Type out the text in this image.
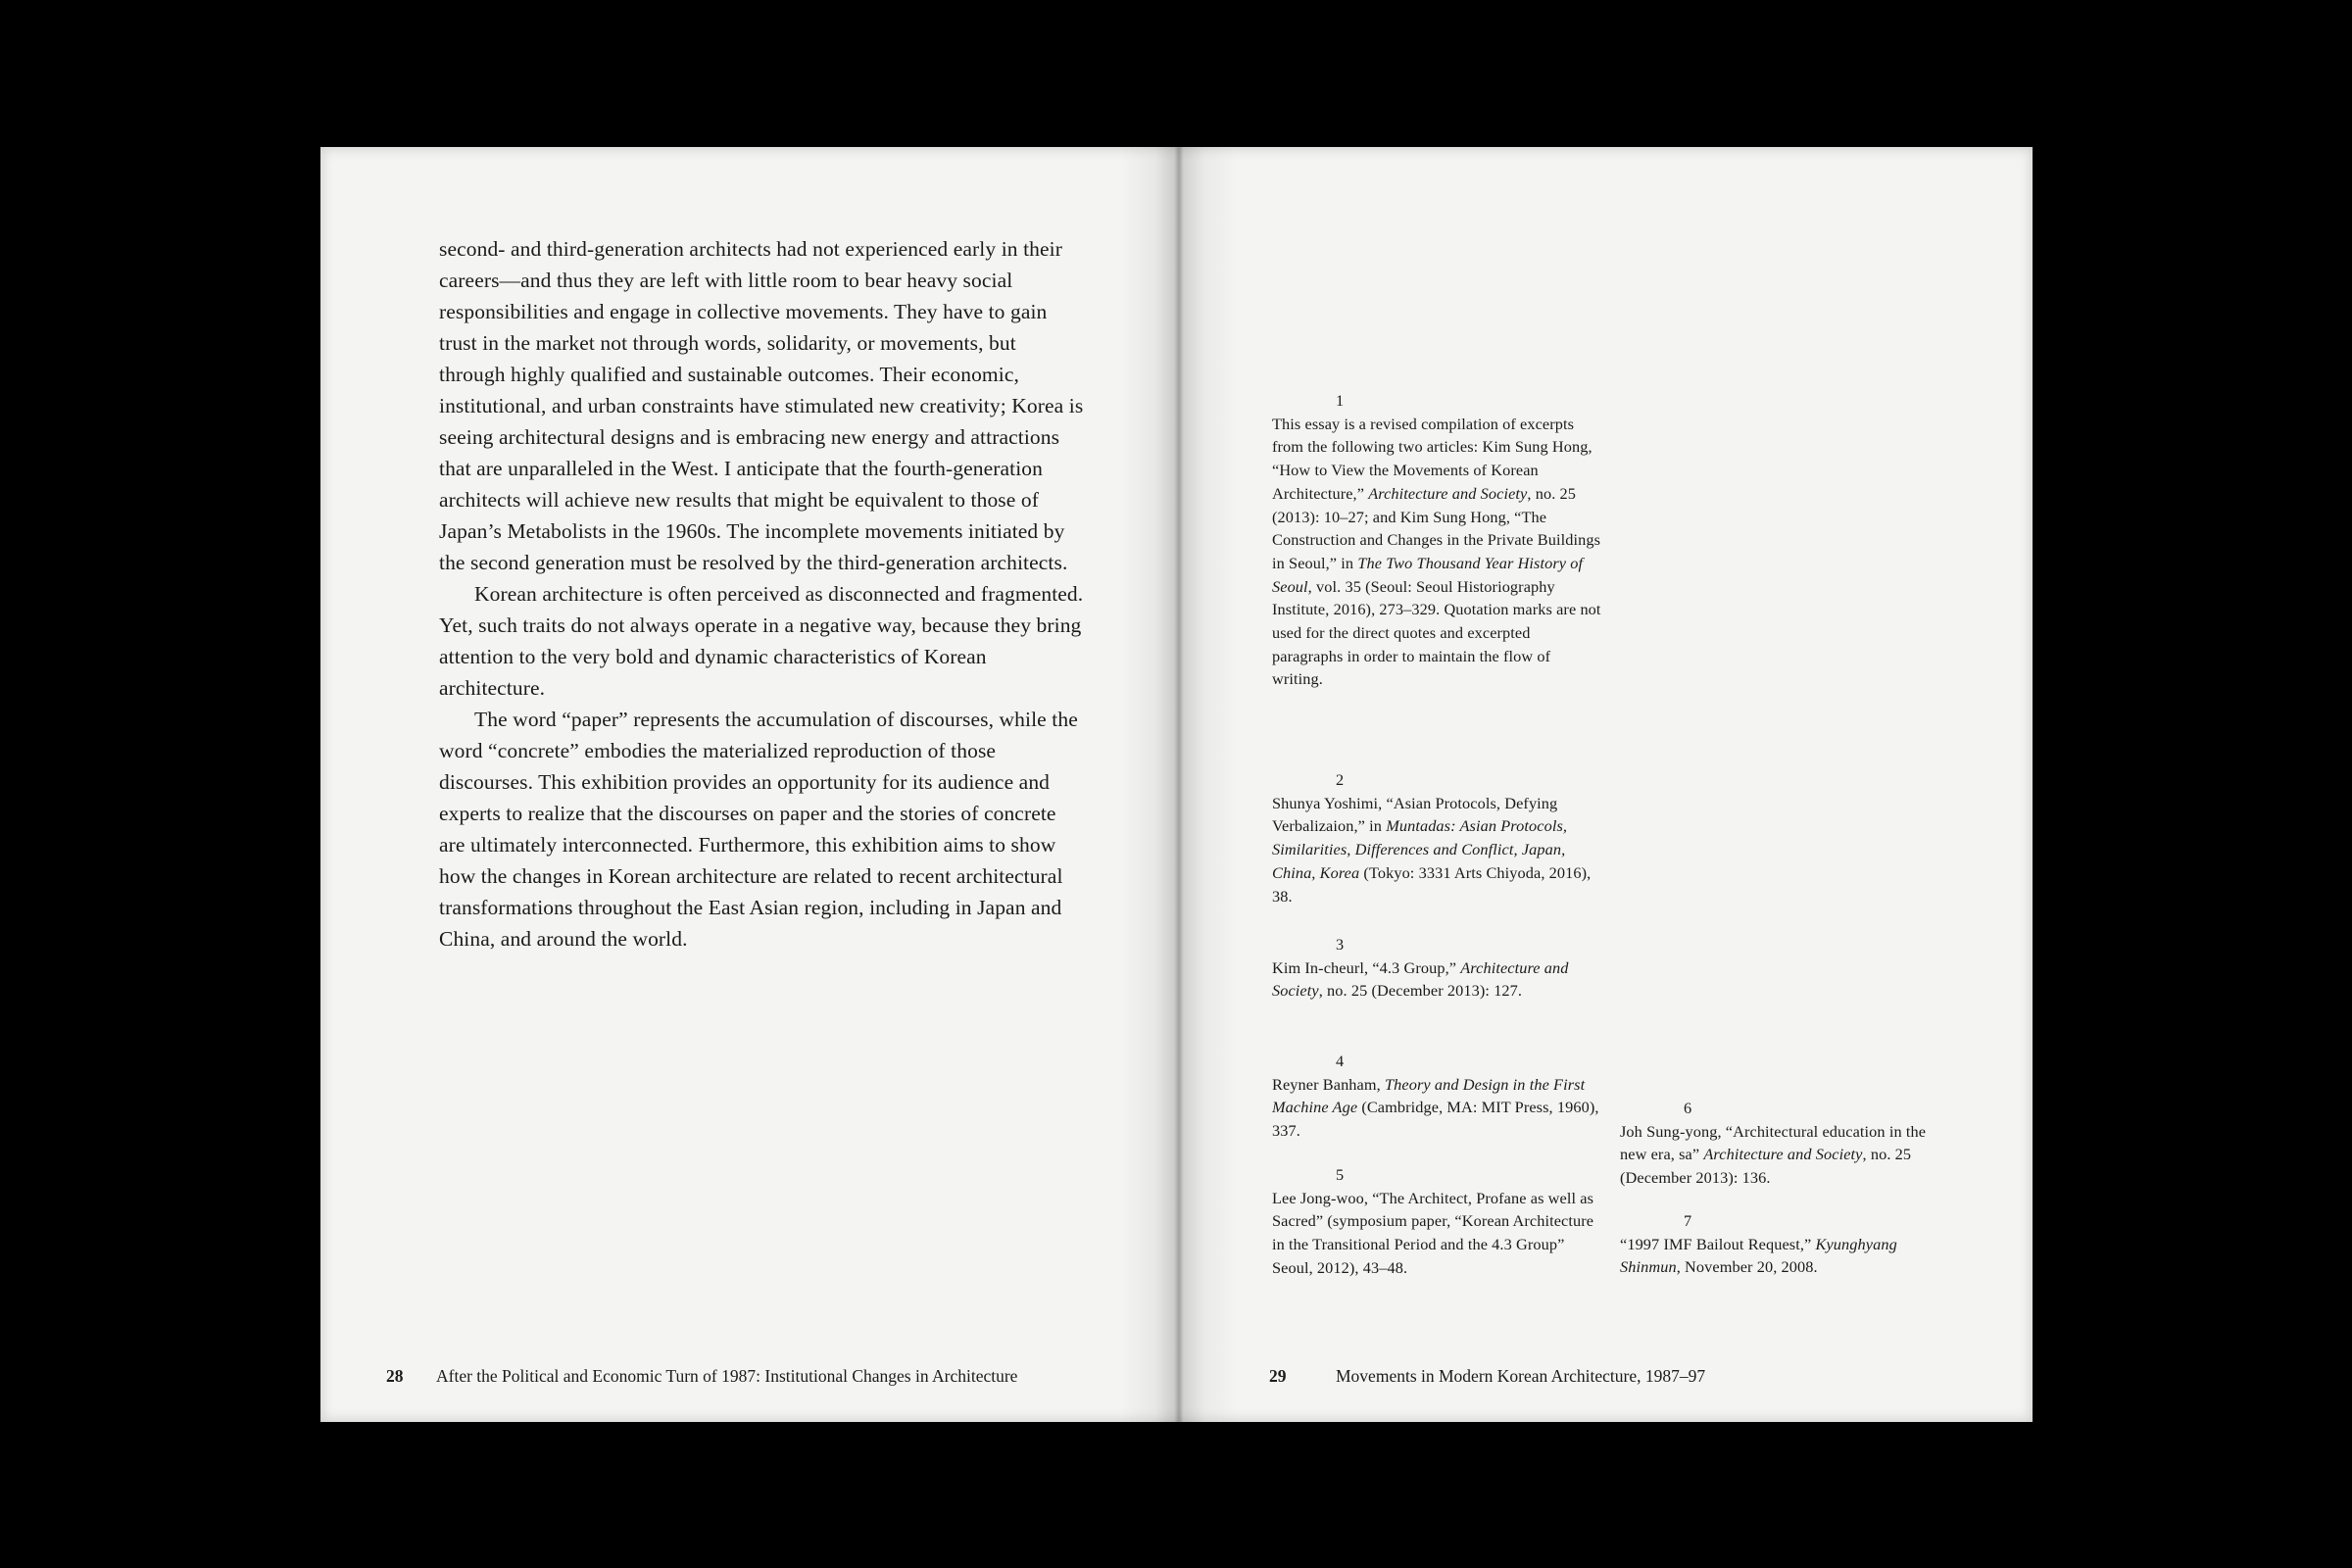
second- and third-generation architects had not experienced early in their careers—and thus they are left with little room to bear heavy social responsibilities and engage in collective movements. They have to gain trust in the market not through words, solidarity, or movements, but through highly qualified and sustainable outcomes. Their economic, institutional, and urban constraints have stimulated new creativity; Korea is seeing architectural designs and is embracing new energy and attractions that are unparalleled in the West. I anticipate that the fourth-generation architects will achieve new results that might be equivalent to those of Japan’s Metabolists in the 1960s. The incomplete movements initiated by the second generation must be resolved by the third-generation architects.

Korean architecture is often perceived as disconnected and fragmented. Yet, such traits do not always operate in a negative way, because they bring attention to the very bold and dynamic characteristics of Korean architecture.

The word “paper” represents the accumulation of discourses, while the word “concrete” embodies the materialized reproduction of those discourses. This exhibition provides an opportunity for its audience and experts to realize that the discourses on paper and the stories of concrete are ultimately interconnected. Furthermore, this exhibition aims to show how the changes in Korean architecture are related to recent architectural transformations throughout the East Asian region, including in Japan and China, and around the world.

28 After the Political and Economic Turn of 1987: Institutional Changes in Architecture
1
This essay is a revised compilation of excerpts from the following two articles: Kim Sung Hong, “How to View the Movements of Korean Architecture,” Architecture and Society, no. 25 (2013): 10–27; and Kim Sung Hong, “The Construction and Changes in the Private Buildings in Seoul,” in The Two Thousand Year History of Seoul, vol. 35 (Seoul: Seoul Historiography Institute, 2016), 273–329. Quotation marks are not used for the direct quotes and excerpted paragraphs in order to maintain the flow of writing.
2
Shunya Yoshimi, “Asian Protocols, Defying Verbalizaion,” in Muntadas: Asian Protocols, Similarities, Differences and Conflict, Japan, China, Korea (Tokyo: 3331 Arts Chiyoda, 2016), 38.
3
Kim In-cheurl, “4.3 Group,” Architecture and Society, no. 25 (December 2013): 127.
4
Reyner Banham, Theory and Design in the First Machine Age (Cambridge, MA: MIT Press, 1960), 337.
5
Lee Jong-woo, “The Architect, Profane as well as Sacred” (symposium paper, “Korean Architecture in the Transitional Period and the 4.3 Group” Seoul, 2012), 43–48.
6
Joh Sung-yong, “Architectural education in the new era, sa” Architecture and Society, no. 25 (December 2013): 136.
7
“1997 IMF Bailout Request,” Kyunghyang Shinmun, November 20, 2008.
29	Movements in Modern Korean Architecture, 1987–97
